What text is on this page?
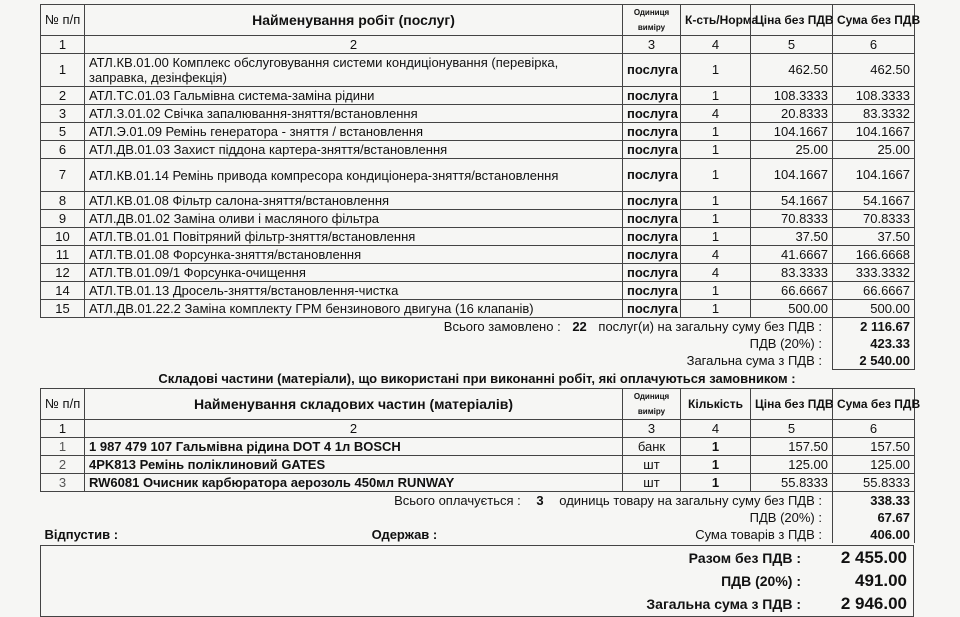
№ п/п	Найменування робіт (послуг)	Одиниця виміру	К-сть/Норма	Ціна без ПДВ	Сума без ПДВ
1	2	3	4	5	6
1	АТЛ.КВ.01.00 Комплекс обслуговування системи кондиціонування (перевірка, заправка, дезінфекція)	послуга	1	462.50	462.50
2	АТЛ.ТС.01.03 Гальмівна система-заміна рідини	послуга	1	108.3333	108.3333
3	АТЛ.З.01.02 Свічка запалювання-зняття/встановлення	послуга	4	20.8333	83.3332
5	АТЛ.Э.01.09 Ремінь генератора - зняття / встановлення	послуга	1	104.1667	104.1667
6	АТЛ.ДВ.01.03 Захист піддона картера-зняття/встановлення	послуга	1	25.00	25.00
7	АТЛ.КВ.01.14 Ремінь привода компресора кондиціонера-зняття/встановлення	послуга	1	104.1667	104.1667
8	АТЛ.КВ.01.08 Фільтр салона-зняття/встановлення	послуга	1	54.1667	54.1667
9	АТЛ.ДВ.01.02 Заміна оливи і масляного фільтра	послуга	1	70.8333	70.8333
10	АТЛ.ТВ.01.01 Повітряний фільтр-зняття/встановлення	послуга	1	37.50	37.50
11	АТЛ.ТВ.01.08 Форсунка-зняття/встановлення	послуга	4	41.6667	166.6668
12	АТЛ.ТВ.01.09/1 Форсунка-очищення	послуга	4	83.3333	333.3332
14	АТЛ.ТВ.01.13 Дросель-зняття/встановлення-чистка	послуга	1	66.6667	66.6667
15	АТЛ.ДВ.01.22.2 Заміна комплекту ГРМ бензинового двигуна (16 клапанів)	послуга	1	500.00	500.00
	Всього замовлено : 22 послуг(и) на загальну суму без ПДВ :				2 116.67
	ПДВ (20%) :				423.33
	Загальна сума з ПДВ :				2 540.00
Складові частини (матеріали), що використані при виконанні робіт, які оплачуються замовником :
№ п/п	Найменування складових частин (матеріалів)	Одиниця виміру	Кількість	Ціна без ПДВ	Сума без ПДВ
1	2	3	4	5	6
1	1 987 479 107 Гальмівна рідина DOT 4 1л BOSCH	банк	1	157.50	157.50
2	4PK813 Ремінь поліклиновий GATES	шт	1	125.00	125.00
3	RW6081 Очисник карбюратора аерозоль 450мл RUNWAY	шт	1	55.8333	55.8333
	Всього оплачується : 3 одиниць товару на загальну суму без ПДВ :				338.33
	ПДВ (20%) :				67.67
Відпустив : Одержав :		Сума товарів з ПДВ :			406.00
Разом без ПДВ :	2 455.00
ПДВ (20%) :	491.00
Загальна сума з ПДВ :	2 946.00
